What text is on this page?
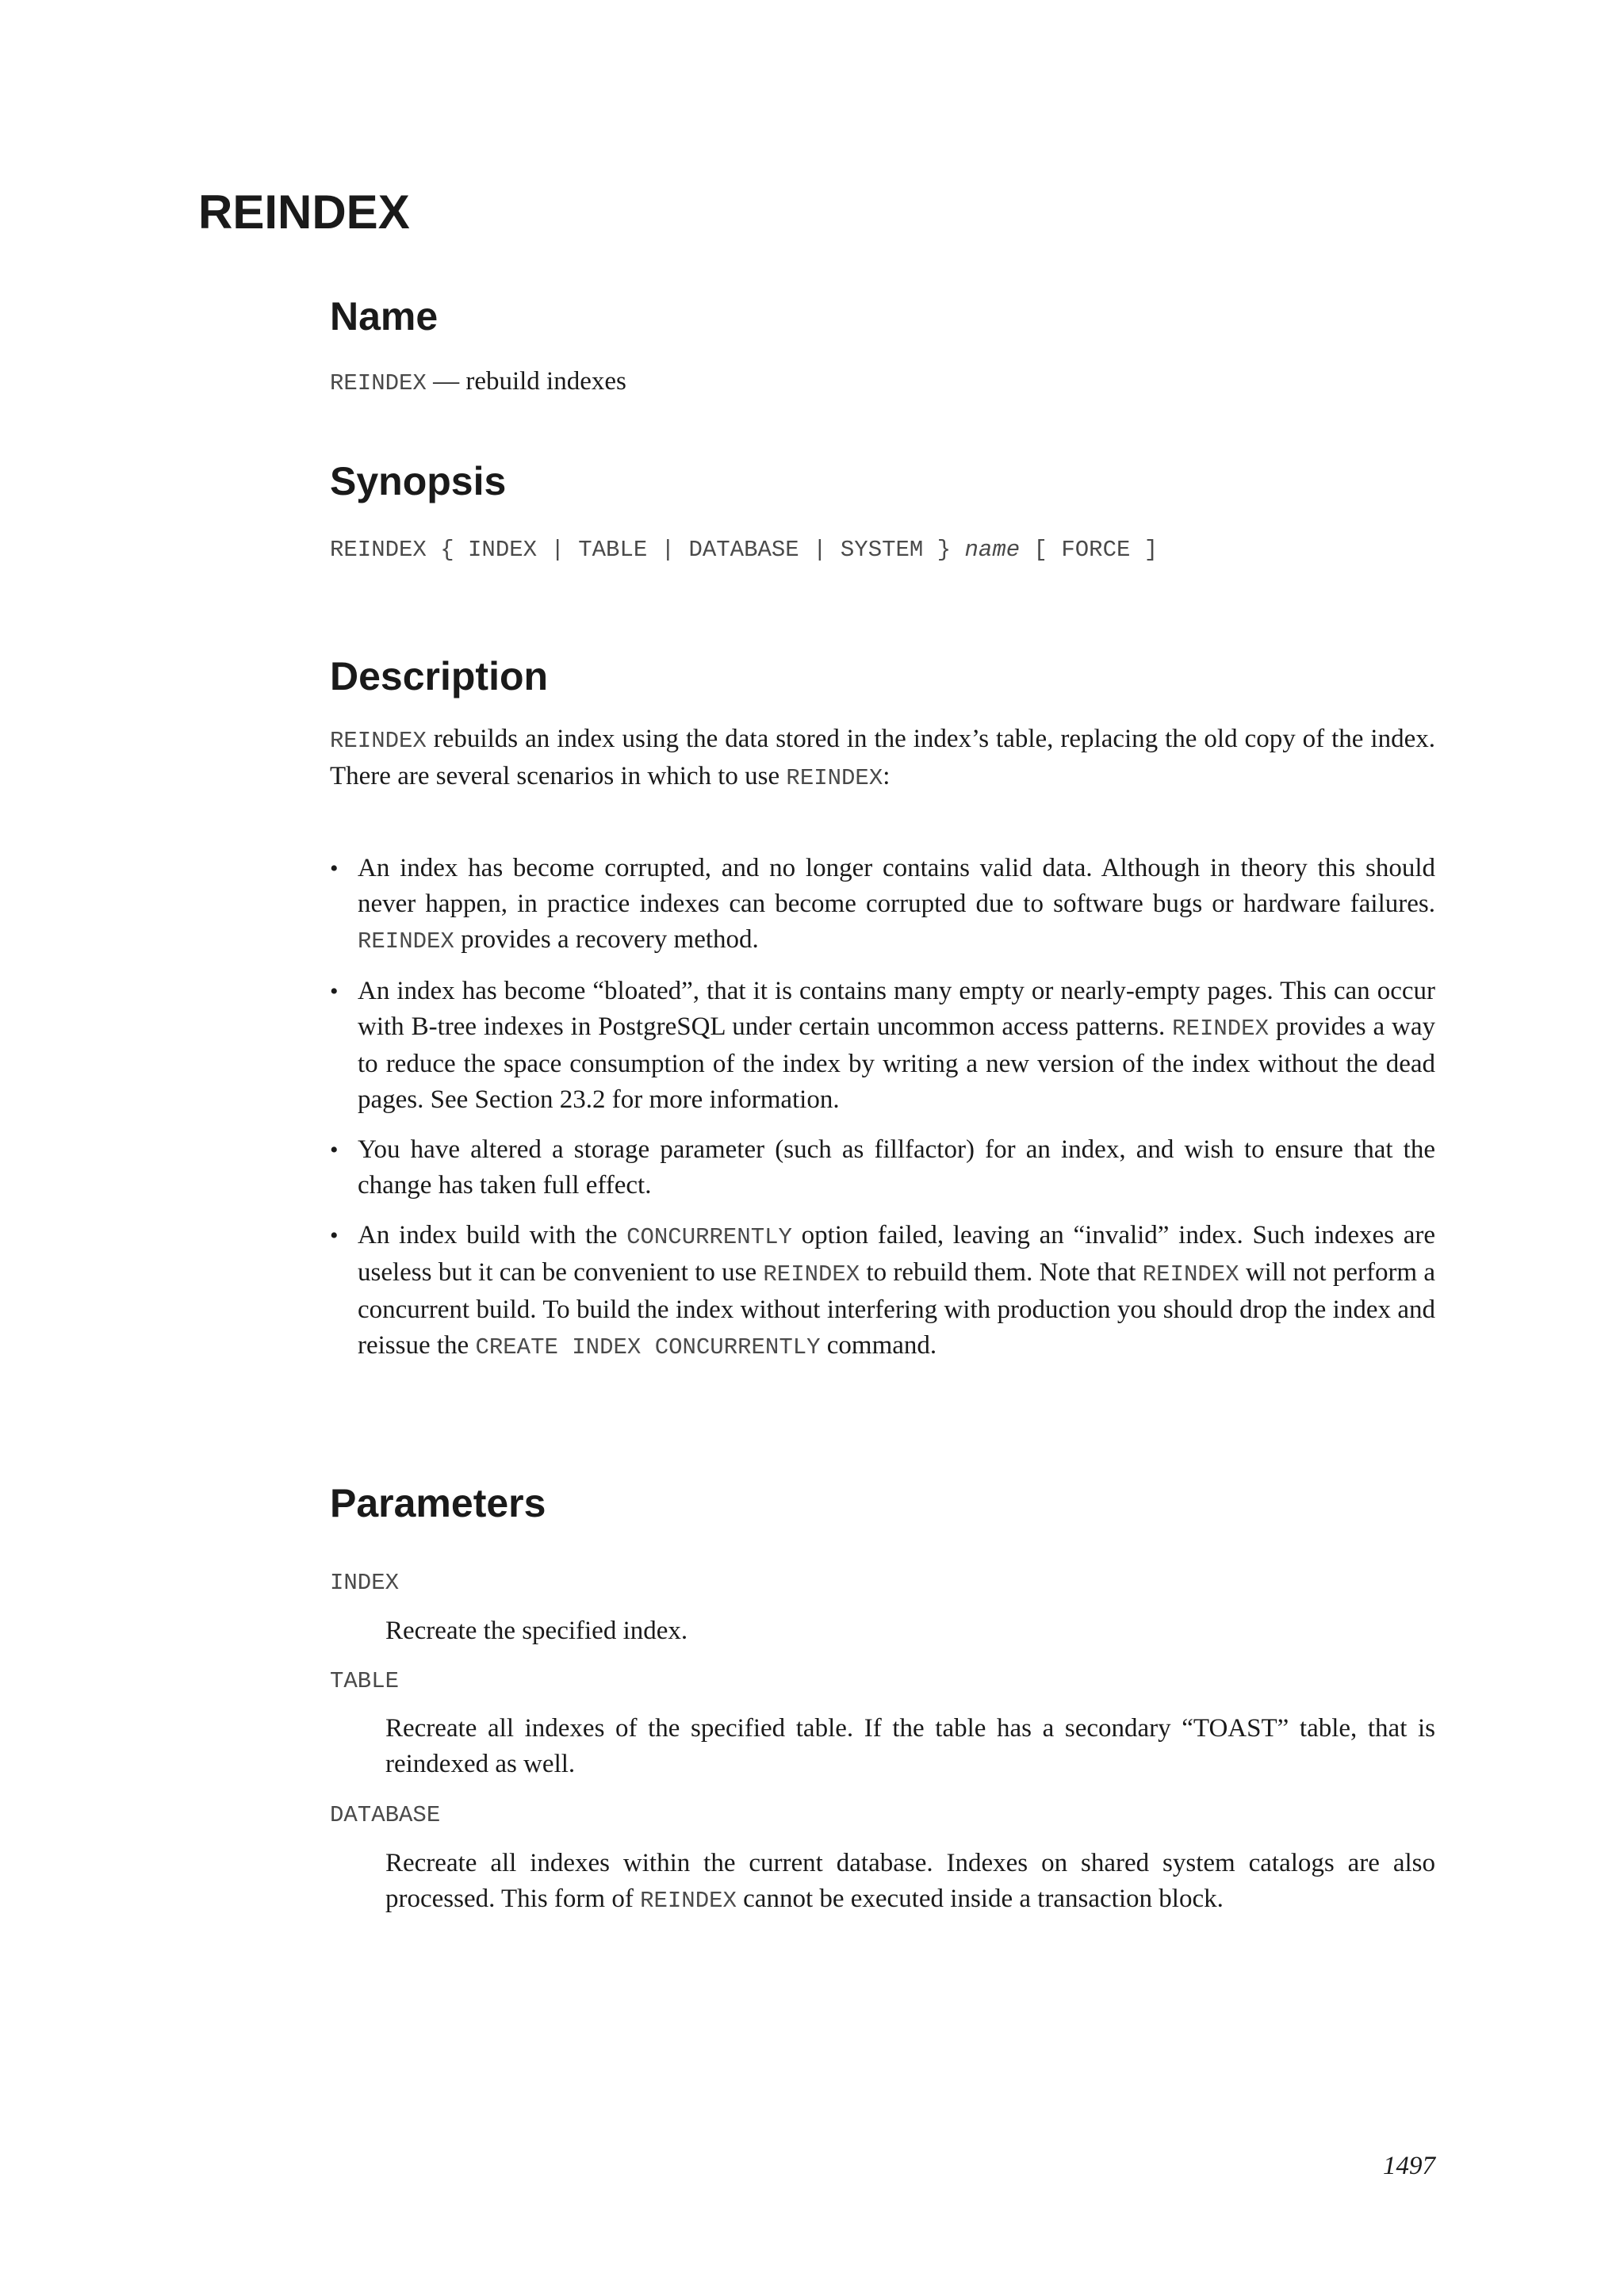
REINDEX
Name

REINDEX — rebuild indexes

Synopsis

REINDEX { INDEX | TABLE | DATABASE | SYSTEM } name [ FORCE ]

Description

REINDEX rebuilds an index using the data stored in the index’s table, replacing the old copy of the index. There are several scenarios in which to use REINDEX:

• An index has become corrupted, and no longer contains valid data. Although in theory this should never happen, in practice indexes can become corrupted due to software bugs or hardware failures. REINDEX provides a recovery method.
• An index has become “bloated”, that it is contains many empty or nearly-empty pages. This can occur with B-tree indexes in PostgreSQL under certain uncommon access patterns. REINDEX provides a way to reduce the space consumption of the index by writing a new version of the index without the dead pages. See Section 23.2 for more information.
• You have altered a storage parameter (such as fillfactor) for an index, and wish to ensure that the change has taken full effect.
• An index build with the CONCURRENTLY option failed, leaving an “invalid” index. Such indexes are useless but it can be convenient to use REINDEX to rebuild them. Note that REINDEX will not perform a concurrent build. To build the index without interfering with production you should drop the index and reissue the CREATE INDEX CONCURRENTLY command.
Parameters

INDEX

Recreate the specified index.

TABLE

Recreate all indexes of the specified table. If the table has a secondary “TOAST” table, that is reindexed as well.

DATABASE

Recreate all indexes within the current database. Indexes on shared system catalogs are also processed. This form of REINDEX cannot be executed inside a transaction block.

1497
